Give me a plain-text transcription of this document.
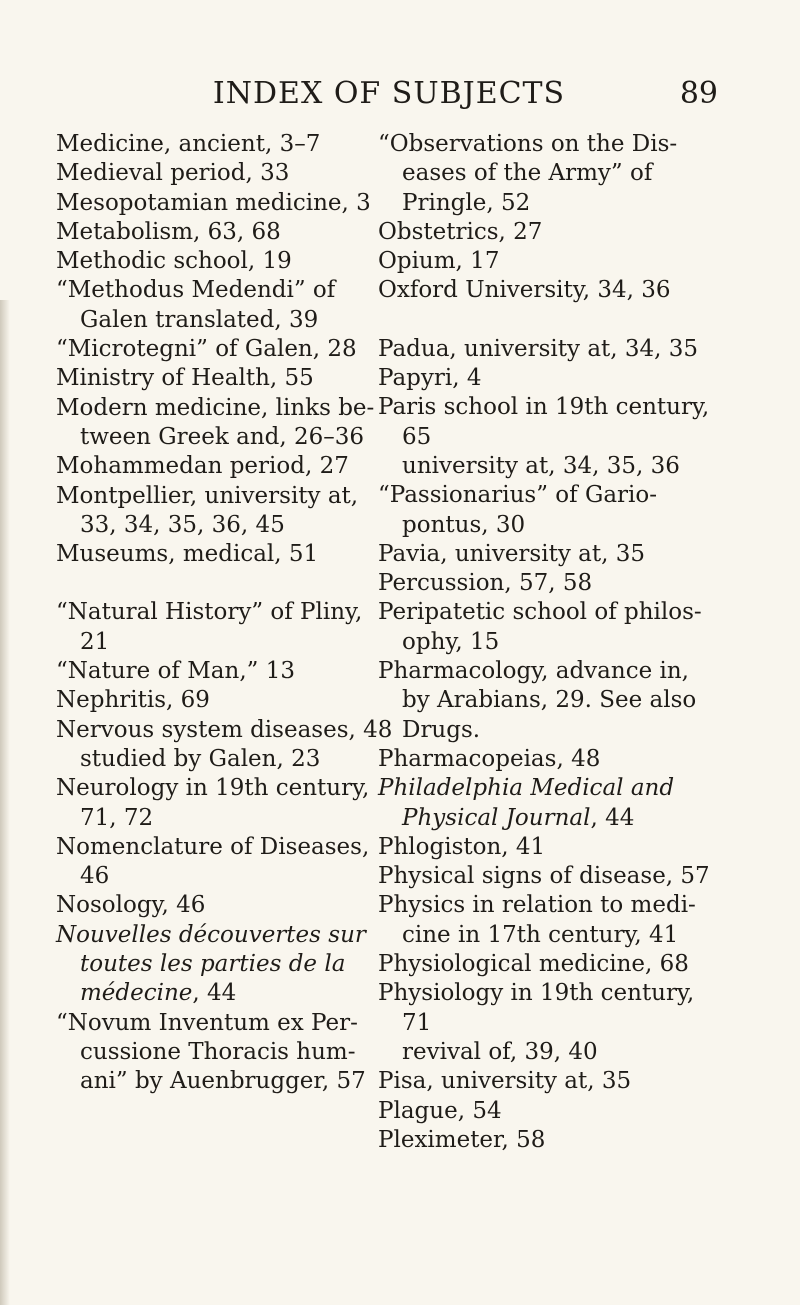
INDEX OF SUBJECTS	89
Medicine, ancient, 3–7
Medieval period, 33
Mesopotamian medicine, 3
Metabolism, 63, 68
Methodic school, 19
“Methodus Medendi” of
Galen translated, 39
“Microtegni” of Galen, 28
Ministry of Health, 55
Modern medicine, links be-
tween Greek and, 26–36
Mohammedan period, 27
Montpellier, university at,
33, 34, 35, 36, 45
Museums, medical, 51
“Natural History” of Pliny,
21
“Nature of Man,” 13
Nephritis, 69
Nervous system diseases, 48
studied by Galen, 23
Neurology in 19th century,
71, 72
Nomenclature of Diseases,
46
Nosology, 46
Nouvelles découvertes sur
toutes les parties de la
médecine, 44
“Novum Inventum ex Per-
cussione Thoracis hum-
ani” by Auenbrugger, 57
“Observations on the Dis-
eases of the Army” of
Pringle, 52
Obstetrics, 27
Opium, 17
Oxford University, 34, 36
Padua, university at, 34, 35
Papyri, 4
Paris school in 19th century,
65
university at, 34, 35, 36
“Passionarius” of Gario-
pontus, 30
Pavia, university at, 35
Percussion, 57, 58
Peripatetic school of philos-
ophy, 15
Pharmacology, advance in,
by Arabians, 29. See also
Drugs.
Pharmacopeias, 48
Philadelphia Medical and
Physical Journal, 44
Phlogiston, 41
Physical signs of disease, 57
Physics in relation to medi-
cine in 17th century, 41
Physiological medicine, 68
Physiology in 19th century,
71
revival of, 39, 40
Pisa, university at, 35
Plague, 54
Pleximeter, 58
